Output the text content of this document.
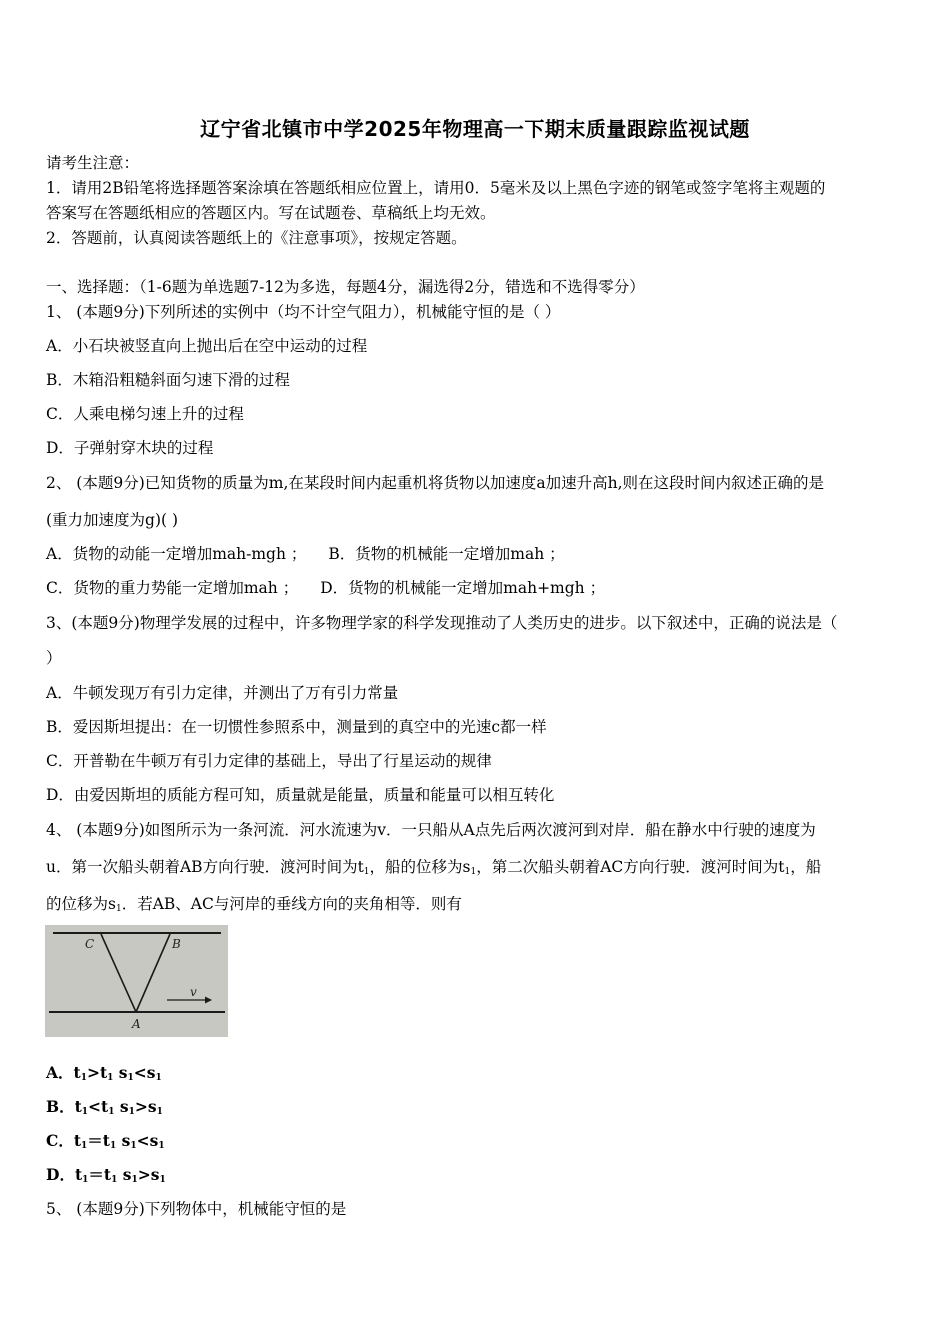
辽宁省北镇市中学2025年物理高一下期末质量跟踪监视试题
请考生注意：
1．请用2B铅笔将选择题答案涂填在答题纸相应位置上，请用0．5毫米及以上黑色字迹的钢笔或签字笔将主观题的
答案写在答题纸相应的答题区内。写在试题卷、草稿纸上均无效。
2．答题前，认真阅读答题纸上的《注意事项》，按规定答题。
一、选择题：（1-6题为单选题7-12为多选，每题4分，漏选得2分，错选和不选得零分）
1、 (本题9分)下列所述的实例中（均不计空气阻力），机械能守恒的是（ ）
A．小石块被竖直向上抛出后在空中运动的过程
B．木箱沿粗糙斜面匀速下滑的过程
C．人乘电梯匀速上升的过程
D．子弹射穿木块的过程
2、 (本题9分)已知货物的质量为m,在某段时间内起重机将货物以加速度a加速升高h,则在这段时间内叙述正确的是
(重力加速度为g)( )
A．货物的动能一定增加mah-mgh ； B．货物的机械能一定增加mah ；
C．货物的重力势能一定增加mah ； D．货物的机械能一定增加mah+mgh ；
3、(本题9分)物理学发展的过程中，许多物理学家的科学发现推动了人类历史的进步。以下叙述中，正确的说法是（
）
A．牛顿发现万有引力定律，并测出了万有引力常量
B．爱因斯坦提出：在一切惯性参照系中，测量到的真空中的光速c都一样
C．开普勒在牛顿万有引力定律的基础上，导出了行星运动的规律
D．由爱因斯坦的质能方程可知，质量就是能量，质量和能量可以相互转化
4、 (本题9分)如图所示为一条河流．河水流速为v．一只船从A点先后两次渡河到对岸．船在静水中行驶的速度为
u．第一次船头朝着AB方向行驶．渡河时间为$t_1$，船的位移为$s_1$，第二次船头朝着AC方向行驶．渡河时间为$t_1$，船
的位移为$s_1$．若AB、AC与河岸的垂线方向的夹角相等．则有
C	B
A
v
A．$t_1>t_1$ $s_1<s_1$
B．$t_1<t_1$ $s_1>s_1$
C．$t_1=t_1$ $s_1<s_1$
D．$t_1=t_1$ $s_1>s_1$
5、 (本题9分)下列物体中，机械能守恒的是
